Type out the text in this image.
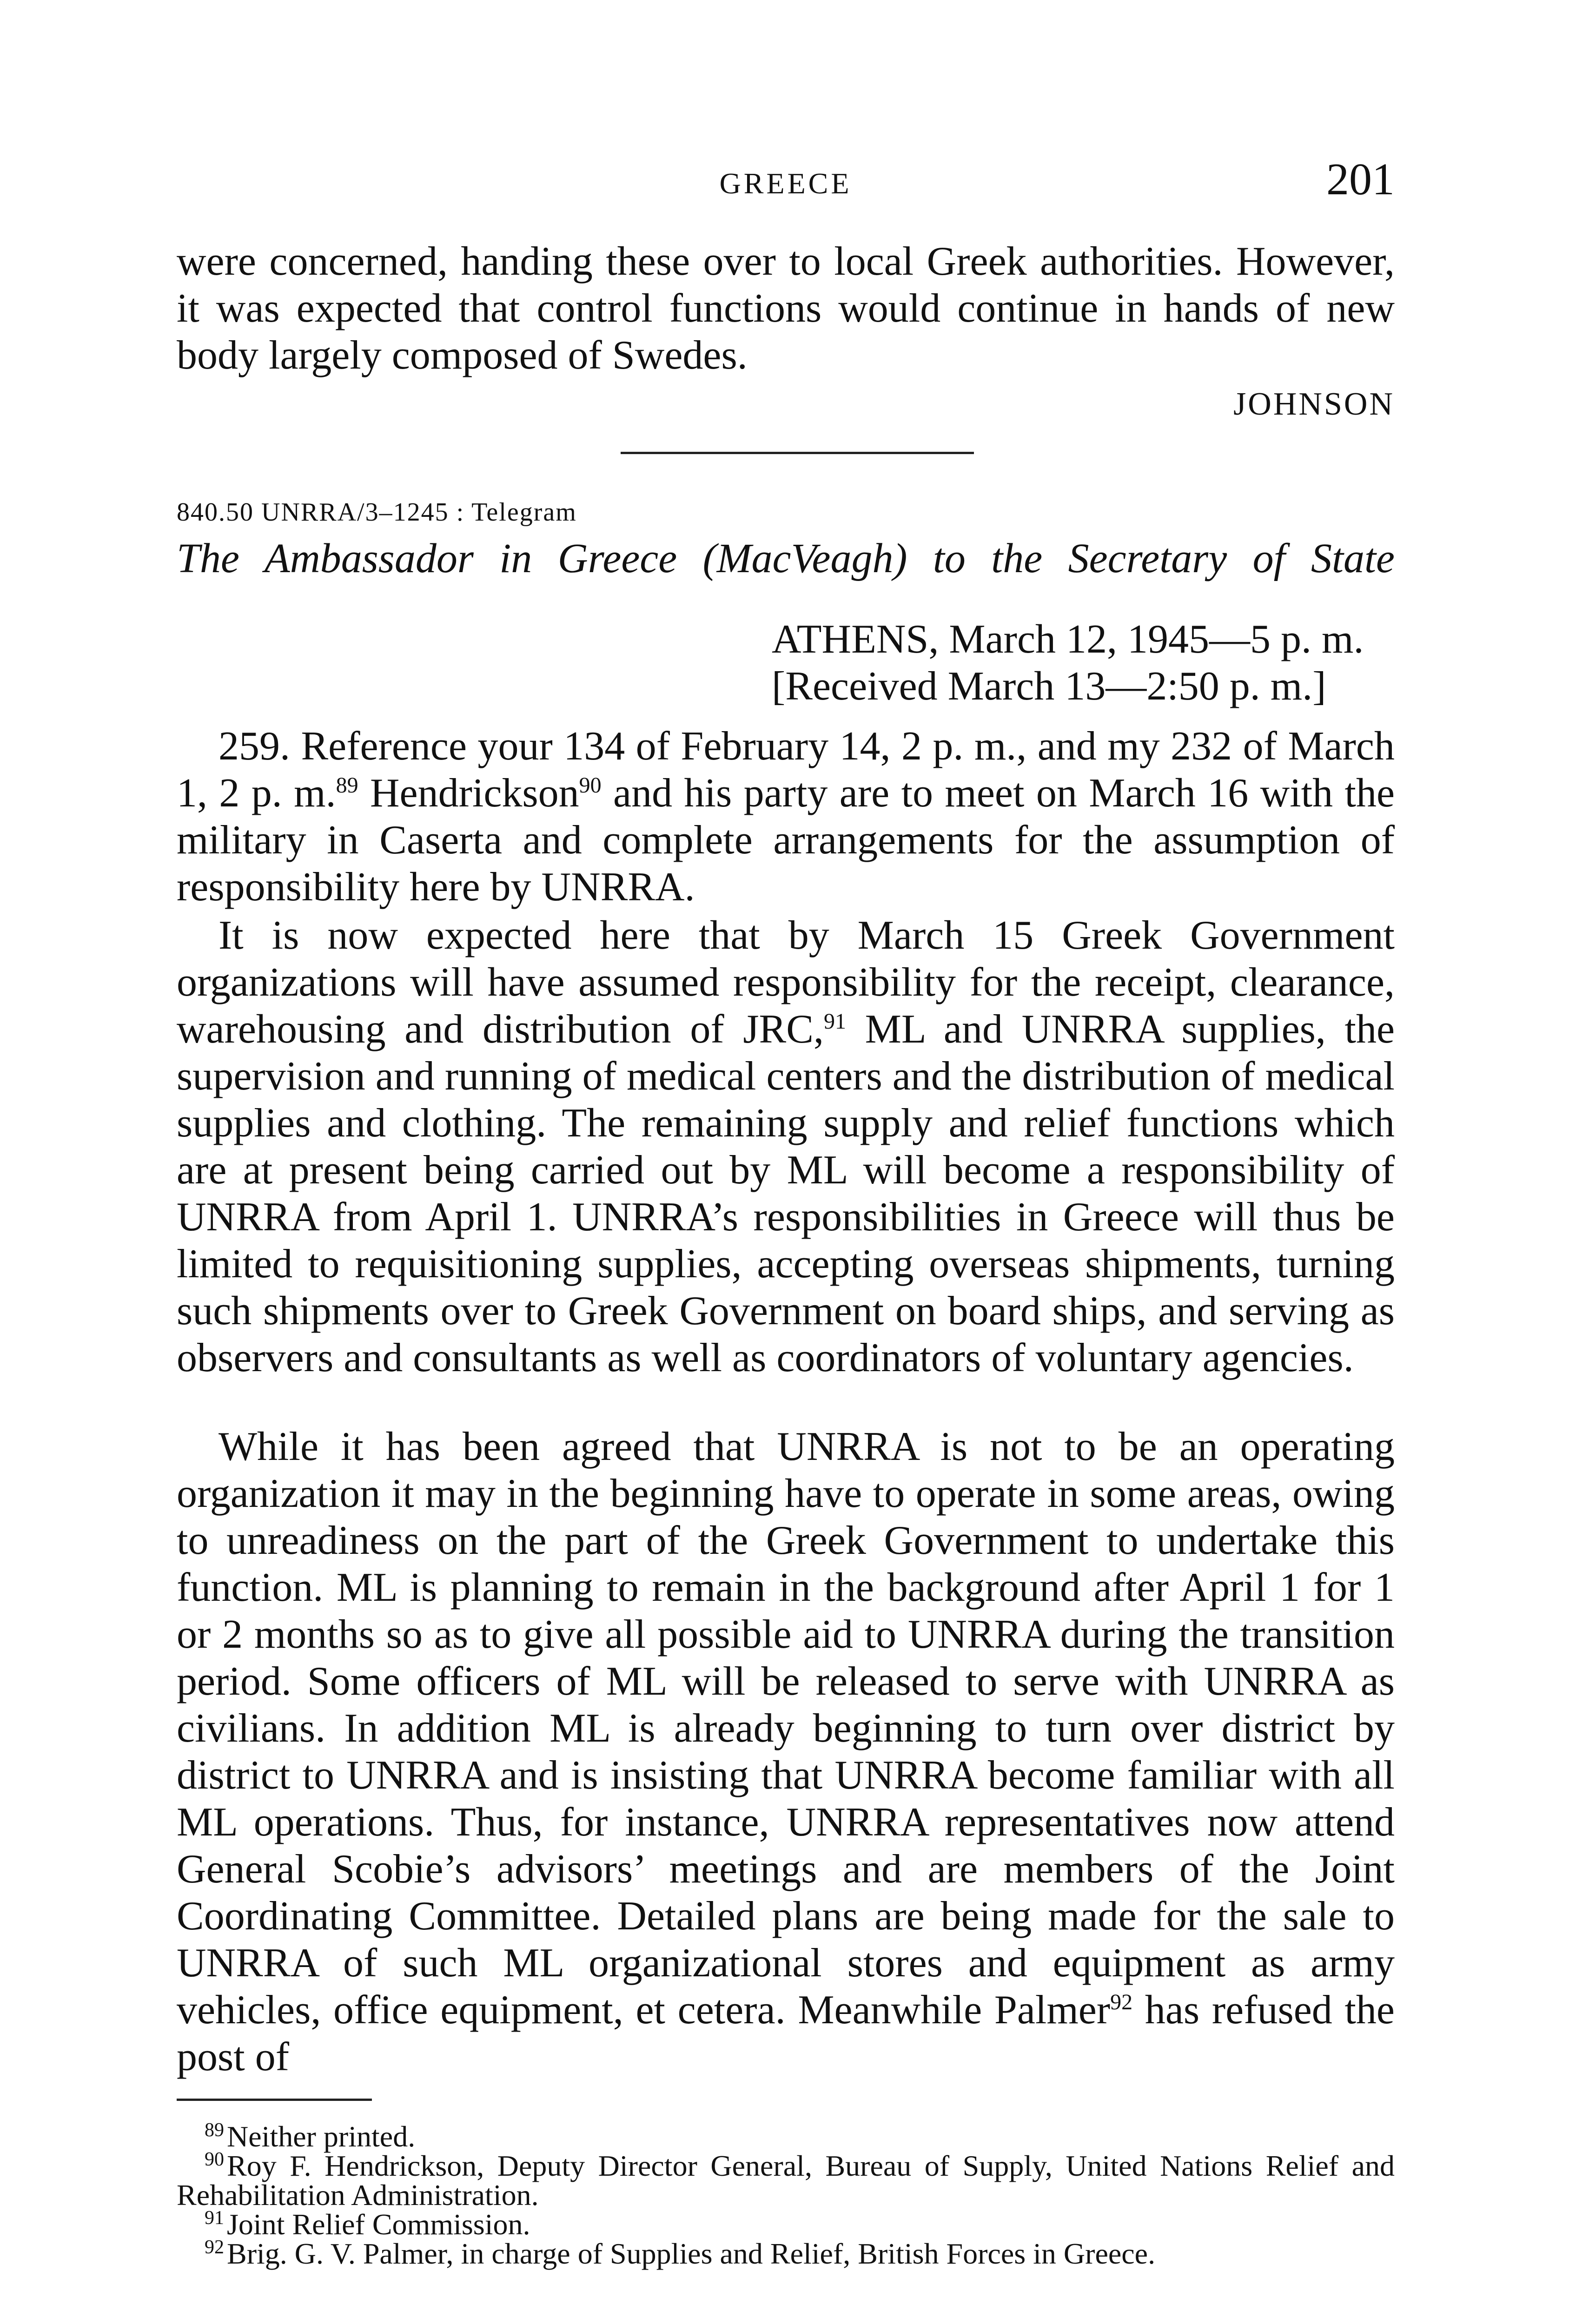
GREECE	201

were concerned, handing these over to local Greek authorities. However, it was expected that control functions would continue in hands of new body largely composed of Swedes.

JOHNSON
840.50 UNRRA/3–1245 : Telegram
The Ambassador in Greece (MacVeagh) to the Secretary of State
ATHENS, March 12, 1945—5 p. m.
[Received March 13—2:50 p. m.]

259. Reference your 134 of February 14, 2 p. m., and my 232 of March 1, 2 p. m.$^{89}$ Hendrickson$^{90}$ and his party are to meet on March 16 with the military in Caserta and complete arrangements for the assumption of responsibility here by UNRRA.

It is now expected here that by March 15 Greek Government organizations will have assumed responsibility for the receipt, clearance, warehousing and distribution of JRC,$^{91}$ ML and UNRRA supplies, the supervision and running of medical centers and the distribution of medical supplies and clothing. The remaining supply and relief functions which are at present being carried out by ML will become a responsibility of UNRRA from April 1. UNRRA’s responsibilities in Greece will thus be limited to requisitioning supplies, accepting overseas shipments, turning such shipments over to Greek Government on board ships, and serving as observers and consultants as well as coordinators of voluntary agencies.

While it has been agreed that UNRRA is not to be an operating organization it may in the beginning have to operate in some areas, owing to unreadiness on the part of the Greek Government to undertake this function. ML is planning to remain in the background after April 1 for 1 or 2 months so as to give all possible aid to UNRRA during the transition period. Some officers of ML will be released to serve with UNRRA as civilians. In addition ML is already beginning to turn over district by district to UNRRA and is insisting that UNRRA become familiar with all ML operations. Thus, for instance, UNRRA representatives now attend General Scobie’s advisors’ meetings and are members of the Joint Coordinating Committee. Detailed plans are being made for the sale to UNRRA of such ML organizational stores and equipment as army vehicles, office equipment, et cetera. Meanwhile Palmer$^{92}$ has refused the post of

$^{89}$Neither printed.

$^{90}$Roy F. Hendrickson, Deputy Director General, Bureau of Supply, United Nations Relief and Rehabilitation Administration.

$^{91}$Joint Relief Commission.

$^{92}$Brig. G. V. Palmer, in charge of Supplies and Relief, British Forces in Greece.
